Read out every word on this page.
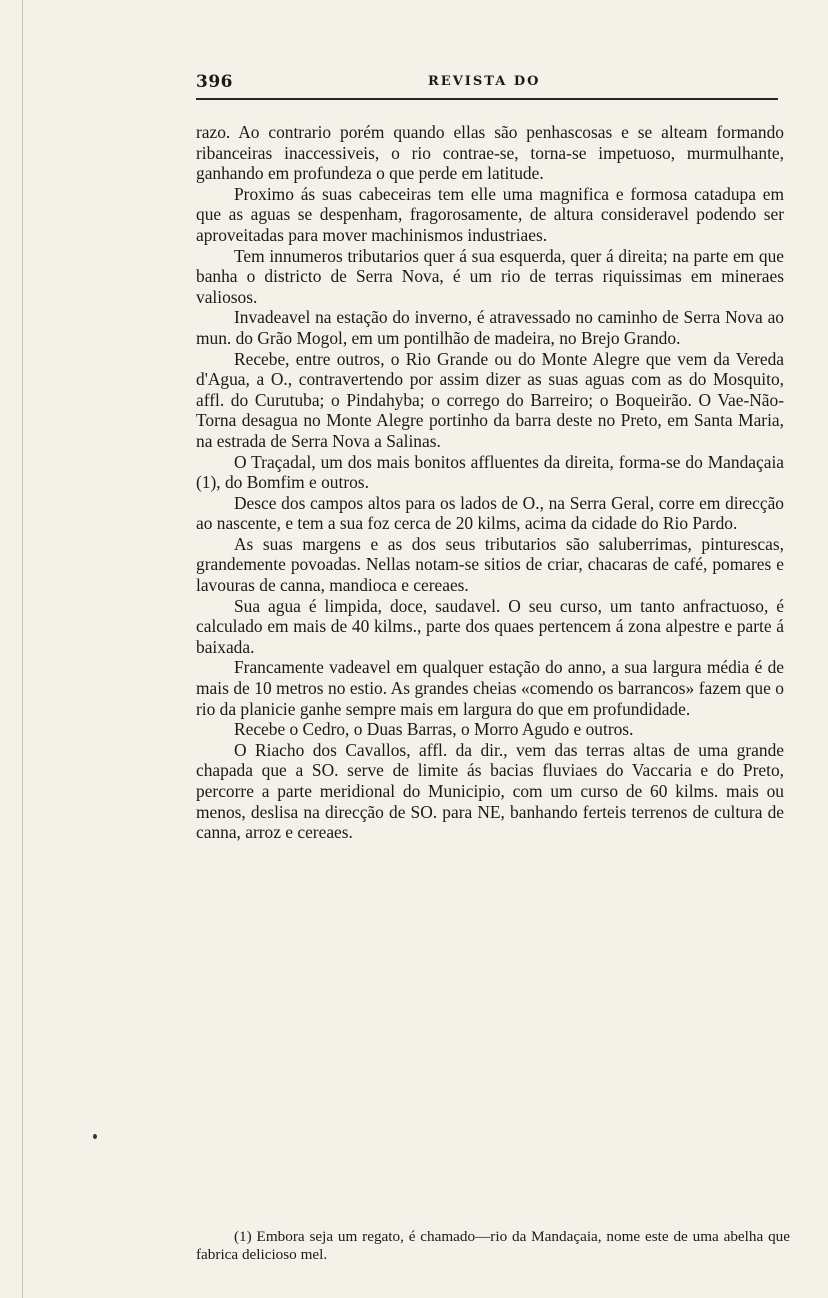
396	REVISTA DO

razo. Ao contrario porém quando ellas são penhascosas e se alteam formando ribanceiras inaccessiveis, o rio contrae-se, torna-se impetuoso, murmulhante, ganhando em profundeza o que perde em latitude.

Proximo ás suas cabeceiras tem elle uma magnifica e formosa catadupa em que as aguas se despenham, fragorosamente, de altura consideravel podendo ser aproveitadas para mover machinismos industriaes.

Tem innumeros tributarios quer á sua esquerda, quer á direita; na parte em que banha o districto de Serra Nova, é um rio de terras riquissimas em mineraes valiosos.

Invadeavel na estação do inverno, é atravessado no caminho de Serra Nova ao mun. do Grão Mogol, em um pontilhão de madeira, no Brejo Grando.

Recebe, entre outros, o Rio Grande ou do Monte Alegre que vem da Vereda d'Agua, a O., contravertendo por assim dizer as suas aguas com as do Mosquito, affl. do Curutuba; o Pindahyba; o corrego do Barreiro; o Boqueirão. O Vae-Não-Torna desagua no Monte Alegre portinho da barra deste no Preto, em Santa Maria, na estrada de Serra Nova a Salinas.

O Traçadal, um dos mais bonitos affluentes da direita, forma-se do Mandaçaia (1), do Bomfim e outros.

Desce dos campos altos para os lados de O., na Serra Geral, corre em direcção ao nascente, e tem a sua foz cerca de 20 kilms, acima da cidade do Rio Pardo.

As suas margens e as dos seus tributarios são saluberrimas, pinturescas, grandemente povoadas. Nellas notam-se sitios de criar, chacaras de café, pomares e lavouras de canna, mandioca e cereaes.

Sua agua é limpida, doce, saudavel. O seu curso, um tanto anfractuoso, é calculado em mais de 40 kilms., parte dos quaes pertencem á zona alpestre e parte á baixada.

Francamente vadeavel em qualquer estação do anno, a sua largura média é de mais de 10 metros no estio. As grandes cheias «comendo os barrancos» fazem que o rio da planicie ganhe sempre mais em largura do que em profundidade.

Recebe o Cedro, o Duas Barras, o Morro Agudo e outros.

O Riacho dos Cavallos, affl. da dir., vem das terras altas de uma grande chapada que a SO. serve de limite ás bacias fluviaes do Vaccaria e do Preto, percorre a parte meridional do Municipio, com um curso de 60 kilms. mais ou menos, deslisa na direcção de SO. para NE, banhando ferteis terrenos de cultura de canna, arroz e cereaes.

(1) Embora seja um regato, é chamado—rio da Mandaçaia, nome este de uma abelha que fabrica delicioso mel.
